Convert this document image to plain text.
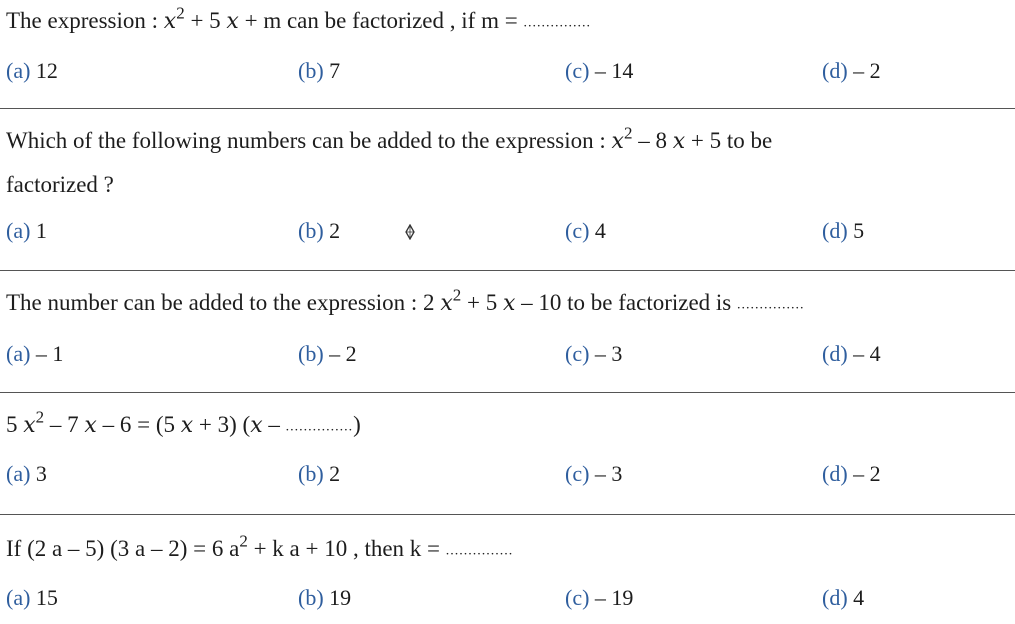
The expression : $x^2 + 5$ x + m can be factorized , if m = ...............
(a) 12	(b) 7	(c) – 14	(d) – 2
Which of the following numbers can be added to the expression : $x^2 - 8$ x + 5 to be
factorized ?
(a) 1	(b) 2	(c) 4	(d) 5
The number can be added to the expression : 2 $x^2 + 5$ x – 10 to be factorized is ...............
(a) – 1	(b) – 2	(c) – 3	(d) – 4
5 $x^2 - 7$ x – 6 = (5 x + 3) (x – ...............)
(a) 3	(b) 2	(c) – 3	(d) – 2
If (2 a – 5) (3 a – 2) = 6 $a^2 + k$ a + 10 , then k = ...............
(a) 15	(b) 19	(c) – 19	(d) 4
